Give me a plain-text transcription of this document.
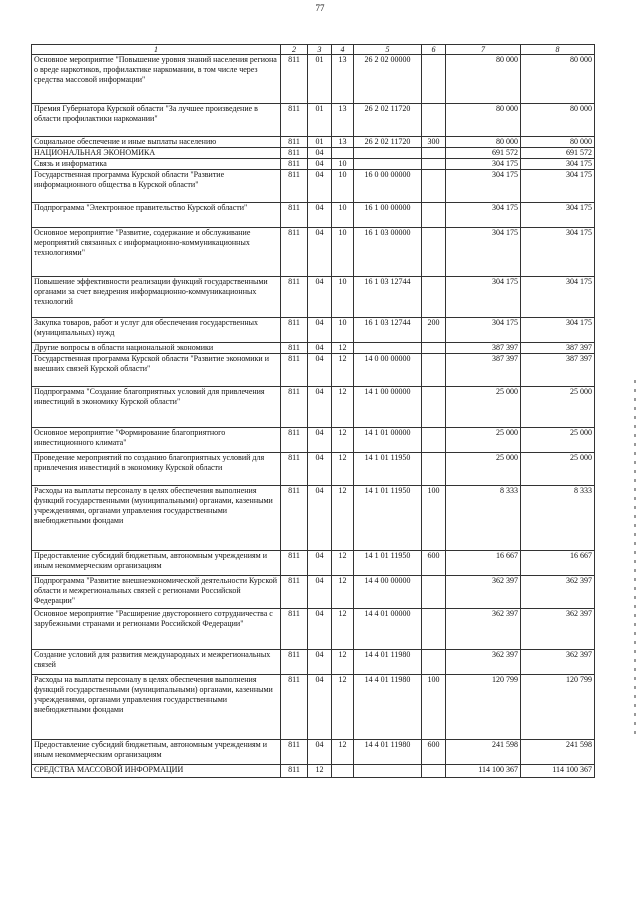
77
1	2	3	4	5	6	7	8
Основное мероприятие "Повышение уровня знаний населения региона о вреде наркотиков, профилактике наркомании, в том числе через средства массовой информации"	811	01	13	26 2 02 00000		80 000	80 000
Премия Губернатора Курской области "За лучшее произведение в области профилактики наркомании"	811	01	13	26 2 02 11720		80 000	80 000
Социальное обеспечение и иные выплаты населению	811	01	13	26 2 02 11720	300	80 000	80 000
НАЦИОНАЛЬНАЯ ЭКОНОМИКА	811	04				691 572	691 572
Связь и информатика	811	04	10			304 175	304 175
Государственная программа Курской области "Развитие информационного общества в Курской области"	811	04	10	16 0 00 00000		304 175	304 175
Подпрограмма "Электронное правительство Курской области"	811	04	10	16 1 00 00000		304 175	304 175
Основное мероприятие "Развитие, содержание и обслуживание мероприятий связанных с информационно-коммуникационных технологиями"	811	04	10	16 1 03 00000		304 175	304 175
Повышение эффективности реализации функций государственными органами за счет внедрения информационно-коммуникационных технологий	811	04	10	16 1 03 12744		304 175	304 175
Закупка товаров, работ и услуг для обеспечения государственных (муниципальных) нужд	811	04	10	16 1 03 12744	200	304 175	304 175
Другие вопросы в области национальной экономики	811	04	12			387 397	387 397
Государственная программа Курской области "Развитие экономики и внешних связей Курской области"	811	04	12	14 0 00 00000		387 397	387 397
Подпрограмма "Создание благоприятных условий для привлечения инвестиций в экономику Курской области"	811	04	12	14 1 00 00000		25 000	25 000
Основное мероприятие "Формирование благоприятного инвестиционного климата"	811	04	12	14 1 01 00000		25 000	25 000
Проведение мероприятий по созданию благоприятных условий для привлечения инвестиций в экономику Курской области	811	04	12	14 1 01 11950		25 000	25 000
Расходы на выплаты персоналу в целях обеспечения выполнения функций государственными (муниципальными) органами, казенными учреждениями, органами управления государственными внебюджетными фондами	811	04	12	14 1 01 11950	100	8 333	8 333
Предоставление субсидий бюджетным, автономным учреждениям и иным некоммерческим организациям	811	04	12	14 1 01 11950	600	16 667	16 667
Подпрограмма "Развитие внешнеэкономической деятельности Курской области и межрегиональных связей с регионами Российской Федерации"	811	04	12	14 4 00 00000		362 397	362 397
Основное мероприятие "Расширение двустороннего сотрудничества с зарубежными странами и регионами Российской Федерации"	811	04	12	14 4 01 00000		362 397	362 397
Создание условий для развития международных и межрегиональных связей	811	04	12	14 4 01 11980		362 397	362 397
Расходы на выплаты персоналу в целях обеспечения выполнения функций государственными (муниципальными) органами, казенными учреждениями, органами управления государственными внебюджетными фондами	811	04	12	14 4 01 11980	100	120 799	120 799
Предоставление субсидий бюджетным, автономным учреждениям и иным некоммерческим организациям	811	04	12	14 4 01 11980	600	241 598	241 598
СРЕДСТВА МАССОВОЙ ИНФОРМАЦИИ	811	12				114 100 367	114 100 367
